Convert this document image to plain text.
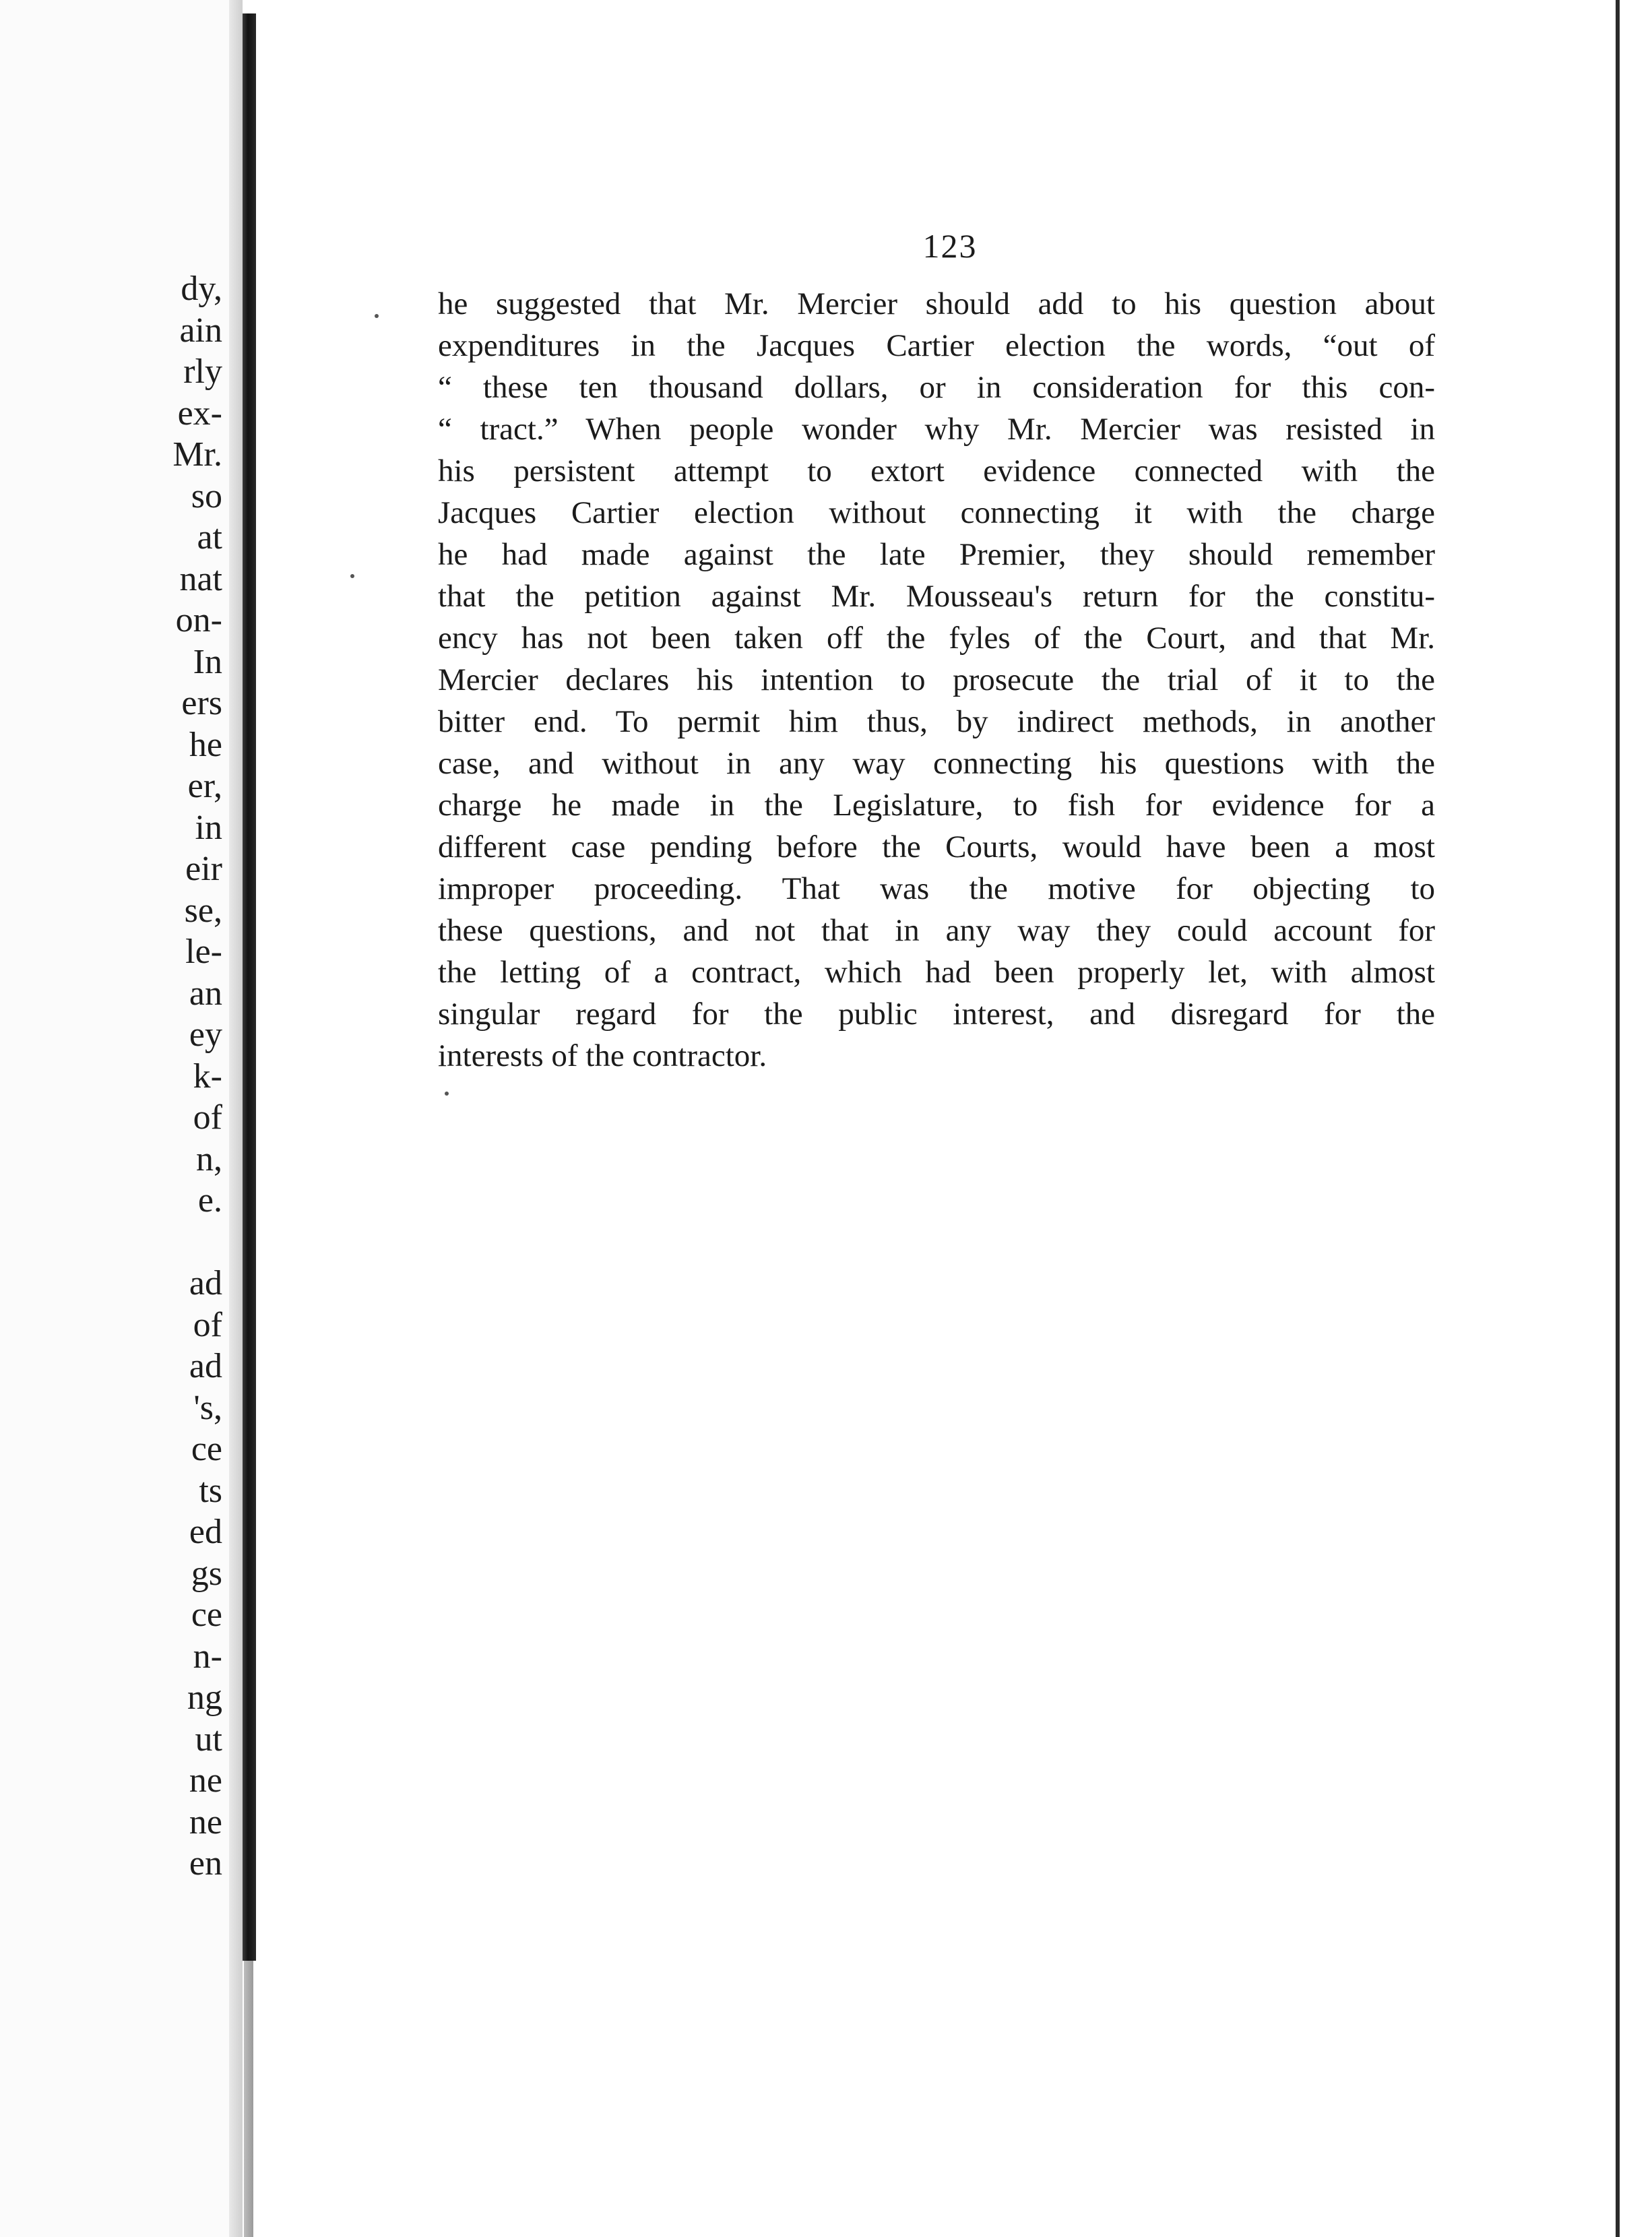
dy,
ain
rly
ex-
Mr.
so
at
nat
on-
In
ers
he
er,
in
eir
se,
le-
an
ey
k-
of
n,
e.
ad
of
ad
's,
ce
ts
ed
gs
ce
n-
ng
ut
ne
ne
en
123
he suggested that Mr. Mercier should add to his question about
expenditures in the Jacques Cartier election the words, “out of
“ these ten thousand dollars, or in consideration for this con-
“ tract.” When people wonder why Mr. Mercier was resisted in
his persistent attempt to extort evidence connected with the
Jacques Cartier election without connecting it with the charge
he had made against the late Premier, they should remember
that the petition against Mr. Mousseau's return for the constitu-
ency has not been taken off the fyles of the Court, and that Mr.
Mercier declares his intention to prosecute the trial of it to the
bitter end. To permit him thus, by indirect methods, in another
case, and without in any way connecting his questions with the
charge he made in the Legislature, to fish for evidence for a
different case pending before the Courts, would have been a most
improper proceeding. That was the motive for objecting to
these questions, and not that in any way they could account for
the letting of a contract, which had been properly let, with almost
singular regard for the public interest, and disregard for the
interests of the contractor.
